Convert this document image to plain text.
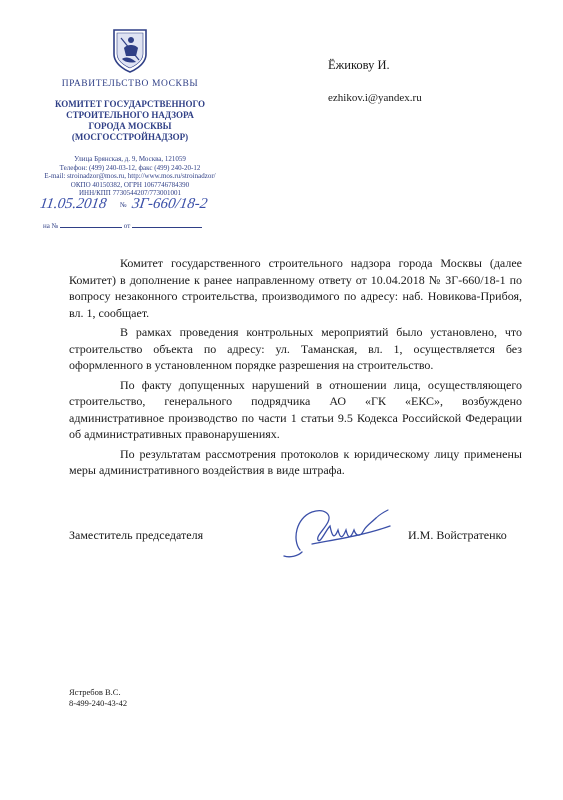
ПРАВИТЕЛЬСТВО МОСКВЫ
КОМИТЕТ ГОСУДАРСТВЕННОГО
СТРОИТЕЛЬНОГО НАДЗОРА
ГОРОДА МОСКВЫ
(МОСГОССТРОЙНАДЗОР)
Улица Брянская, д. 9, Москва, 121059
Телефон: (499) 240-03-12, факс (499) 240-20-12
E-mail: stroinadzor@mos.ru, http://www.mos.ru/stroinadzor/
ОКПО 40150382, ОГРН 1067746784390
ИНН/КПП 7730544207/773001001
11.05.2018 № 3Г-660/18-2
на №	от
Ёжикову И.
ezhikov.i@yandex.ru

Комитет государственного строительного надзора города Москвы (далее Комитет) в дополнение к ранее направленному ответу от 10.04.2018 № ЗГ-660/18-1 по вопросу незаконного строительства, производимого по адресу: наб. Новикова-Прибоя, вл. 1, сообщает.

В рамках проведения контрольных мероприятий было установлено, что строительство объекта по адресу: ул. Таманская, вл. 1, осуществляется без оформленного в установленном порядке разрешения на строительство.

По факту допущенных нарушений в отношении лица, осуществляющего строительство, генерального подрядчика АО «ГК «ЕКС», возбуждено административное производство по части 1 статьи 9.5 Кодекса Российской Федерации об административных правонарушениях.

По результатам рассмотрения протоколов к юридическому лицу применены меры административного воздействия в виде штрафа.

Заместитель председателя	И.М. Войстратенко
Ястребов В.С.
8-499-240-43-42
